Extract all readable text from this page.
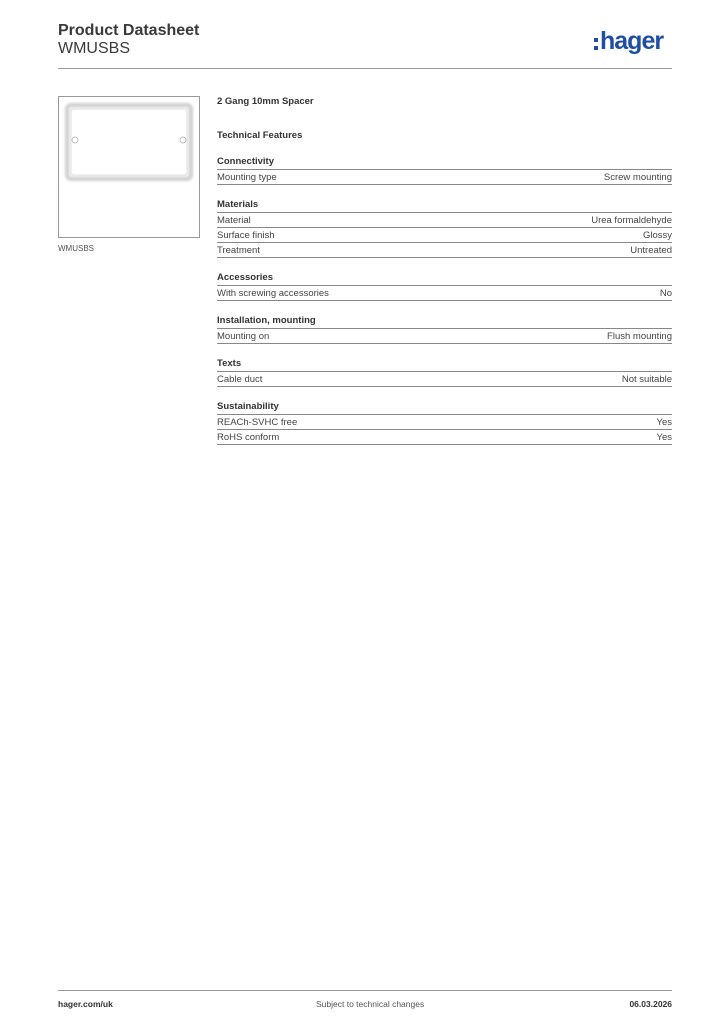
Product Datasheet
WMUSBS	hager
WMUSBS
2 Gang 10mm Spacer
Technical Features
Connectivity
Mounting type	Screw mounting
Materials
Material	Urea formaldehyde
Surface finish	Glossy
Treatment	Untreated
Accessories
With screwing accessories	No
Installation, mounting
Mounting on	Flush mounting
Texts
Cable duct	Not suitable
Sustainability
REACh-SVHC free	Yes
RoHS conform	Yes
hager.com/uk	Subject to technical changes	06.03.2026
